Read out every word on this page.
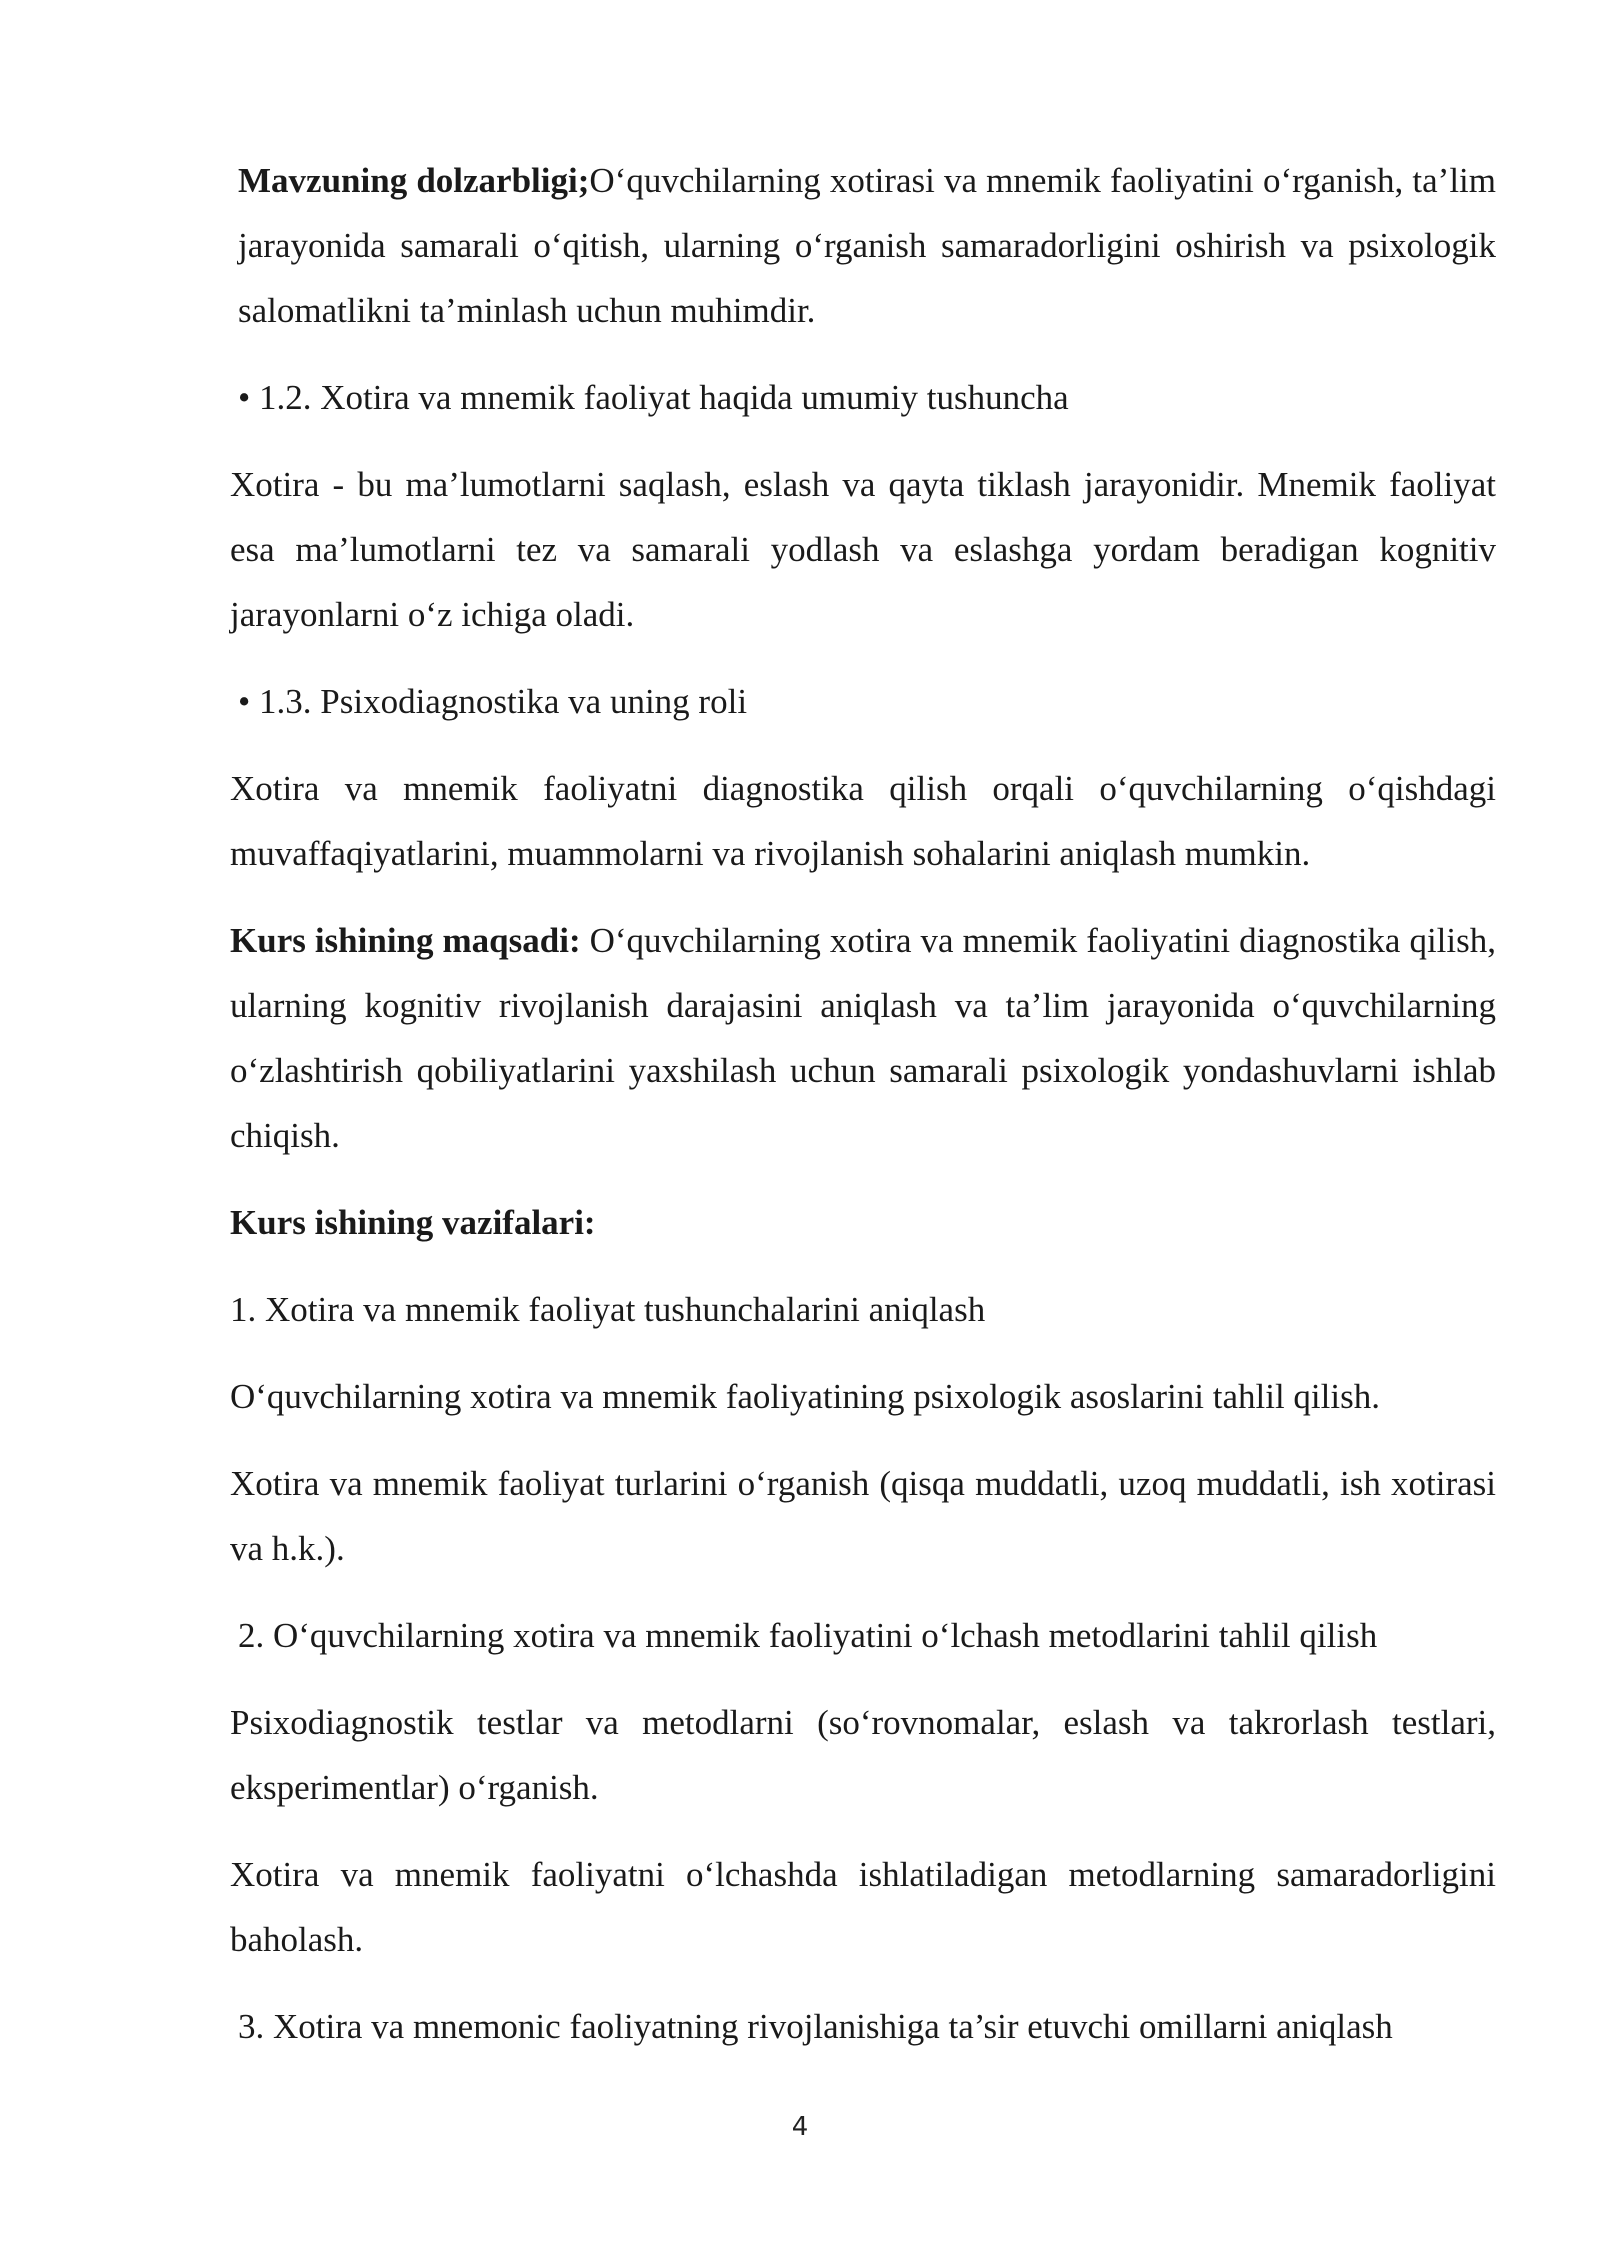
Mavzuning dolzarbligi;O‘quvchilarning xotirasi va mnemik faoliyatini o‘rganish, ta’lim jarayonida samarali o‘qitish, ularning o‘rganish samaradorligini oshirish va psixologik salomatlikni ta’minlash uchun muhimdir.

• 1.2. Xotira va mnemik faoliyat haqida umumiy tushuncha

Xotira - bu ma’lumotlarni saqlash, eslash va qayta tiklash jarayonidir. Mnemik faoliyat esa ma’lumotlarni tez va samarali yodlash va eslashga yordam beradigan kognitiv jarayonlarni o‘z ichiga oladi.

• 1.3. Psixodiagnostika va uning roli

Xotira va mnemik faoliyatni diagnostika qilish orqali o‘quvchilarning o‘qishdagi muvaffaqiyatlarini, muammolarni va rivojlanish sohalarini aniqlash mumkin.

Kurs ishining maqsadi: O‘quvchilarning xotira va mnemik faoliyatini diagnostika qilish, ularning kognitiv rivojlanish darajasini aniqlash va ta’lim jarayonida o‘quvchilarning o‘zlashtirish qobiliyatlarini yaxshilash uchun samarali psixologik yondashuvlarni ishlab chiqish.

Kurs ishining vazifalari:

1. Xotira va mnemik faoliyat tushunchalarini aniqlash

O‘quvchilarning xotira va mnemik faoliyatining psixologik asoslarini tahlil qilish.

Xotira va mnemik faoliyat turlarini o‘rganish (qisqa muddatli, uzoq muddatli, ish xotirasi va h.k.).

2. O‘quvchilarning xotira va mnemik faoliyatini o‘lchash metodlarini tahlil qilish

Psixodiagnostik testlar va metodlarni (so‘rovnomalar, eslash va takrorlash testlari, eksperimentlar) o‘rganish.

Xotira va mnemik faoliyatni o‘lchashda ishlatiladigan metodlarning samaradorligini baholash.

3. Xotira va mnemonic faoliyatning rivojlanishiga ta’sir etuvchi omillarni aniqlash

4
